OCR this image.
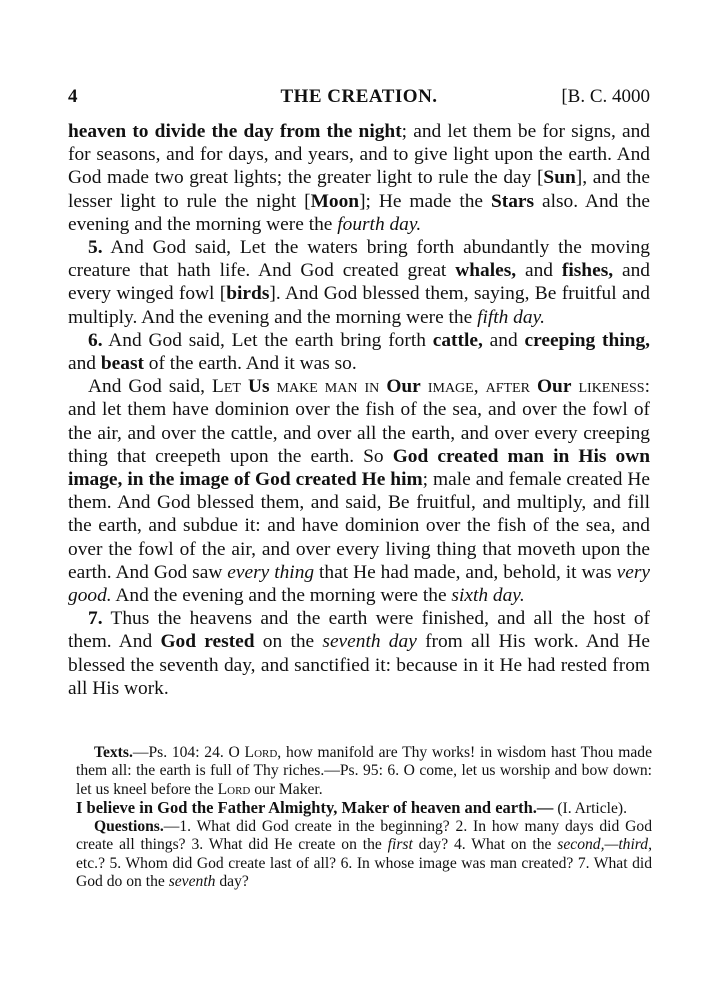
4	THE CREATION.	[B. C. 4000

heaven to divide the day from the night; and let them be for signs, and for seasons, and for days, and years, and to give light upon the earth. And God made two great lights; the greater light to rule the day [Sun], and the lesser light to rule the night [Moon]; He made the Stars also. And the evening and the morning were the fourth day.

5. And God said, Let the waters bring forth abundantly the moving creature that hath life. And God created great whales, and fishes, and every winged fowl [birds]. And God blessed them, saying, Be fruitful and multiply. And the evening and the morning were the fifth day.

6. And God said, Let the earth bring forth cattle, and creeping thing, and beast of the earth. And it was so.

And God said, Let Us make man in Our image, after Our likeness: and let them have dominion over the fish of the sea, and over the fowl of the air, and over the cattle, and over all the earth, and over every creeping thing that creepeth upon the earth. So God created man in His own image, in the image of God created He him; male and female created He them. And God blessed them, and said, Be fruitful, and multiply, and fill the earth, and subdue it: and have dominion over the fish of the sea, and over the fowl of the air, and over every living thing that moveth upon the earth. And God saw every thing that He had made, and, behold, it was very good. And the evening and the morning were the sixth day.

7. Thus the heavens and the earth were finished, and all the host of them. And God rested on the seventh day from all His work. And He blessed the seventh day, and sanctified it: because in it He had rested from all His work.

Texts.—Ps. 104: 24. O Lord, how manifold are Thy works! in wisdom hast Thou made them all: the earth is full of Thy riches.—Ps. 95: 6. O come, let us worship and bow down: let us kneel before the Lord our Maker.

I believe in God the Father Almighty, Maker of heaven and earth.— (I. Article).

Questions.—1. What did God create in the beginning? 2. In how many days did God create all things? 3. What did He create on the first day? 4. What on the second,—third, etc.? 5. Whom did God create last of all? 6. In whose image was man created? 7. What did God do on the seventh day?
